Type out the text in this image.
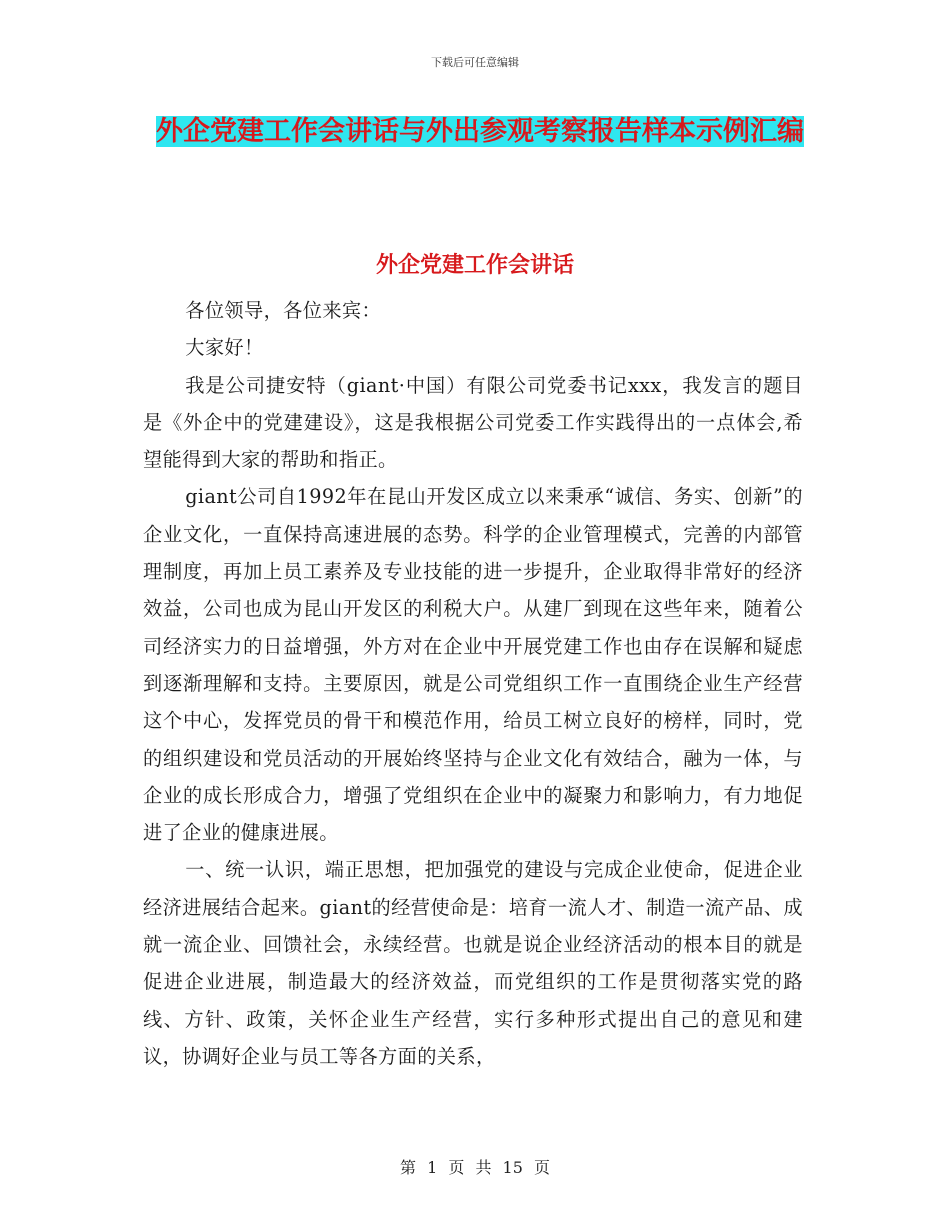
下载后可任意编辑
外企党建工作会讲话与外出参观考察报告样本示例汇编
外企党建工作会讲话

各位领导，各位来宾：

大家好！

我是公司捷安特（giant·中国）有限公司党委书记xxx，我发言的题目是《外企中的党建建设》，这是我根据公司党委工作实践得出的一点体会,希望能得到大家的帮助和指正。

giant公司自1992年在昆山开发区成立以来秉承“诚信、务实、创新”的企业文化，一直保持高速进展的态势。科学的企业管理模式，完善的内部管理制度，再加上员工素养及专业技能的进一步提升，企业取得非常好的经济效益，公司也成为昆山开发区的利税大户。从建厂到现在这些年来，随着公司经济实力的日益增强，外方对在企业中开展党建工作也由存在误解和疑虑到逐渐理解和支持。主要原因，就是公司党组织工作一直围绕企业生产经营这个中心，发挥党员的骨干和模范作用，给员工树立良好的榜样，同时，党的组织建设和党员活动的开展始终坚持与企业文化有效结合，融为一体，与企业的成长形成合力，增强了党组织在企业中的凝聚力和影响力，有力地促进了企业的健康进展。

一、统一认识，端正思想，把加强党的建设与完成企业使命，促进企业经济进展结合起来。giant的经营使命是：培育一流人才、制造一流产品、成就一流企业、回馈社会，永续经营。也就是说企业经济活动的根本目的就是促进企业进展，制造最大的经济效益，而党组织的工作是贯彻落实党的路线、方针、政策，关怀企业生产经营，实行多种形式提出自己的意见和建议，协调好企业与员工等各方面的关系，

第 1 页 共 15 页
